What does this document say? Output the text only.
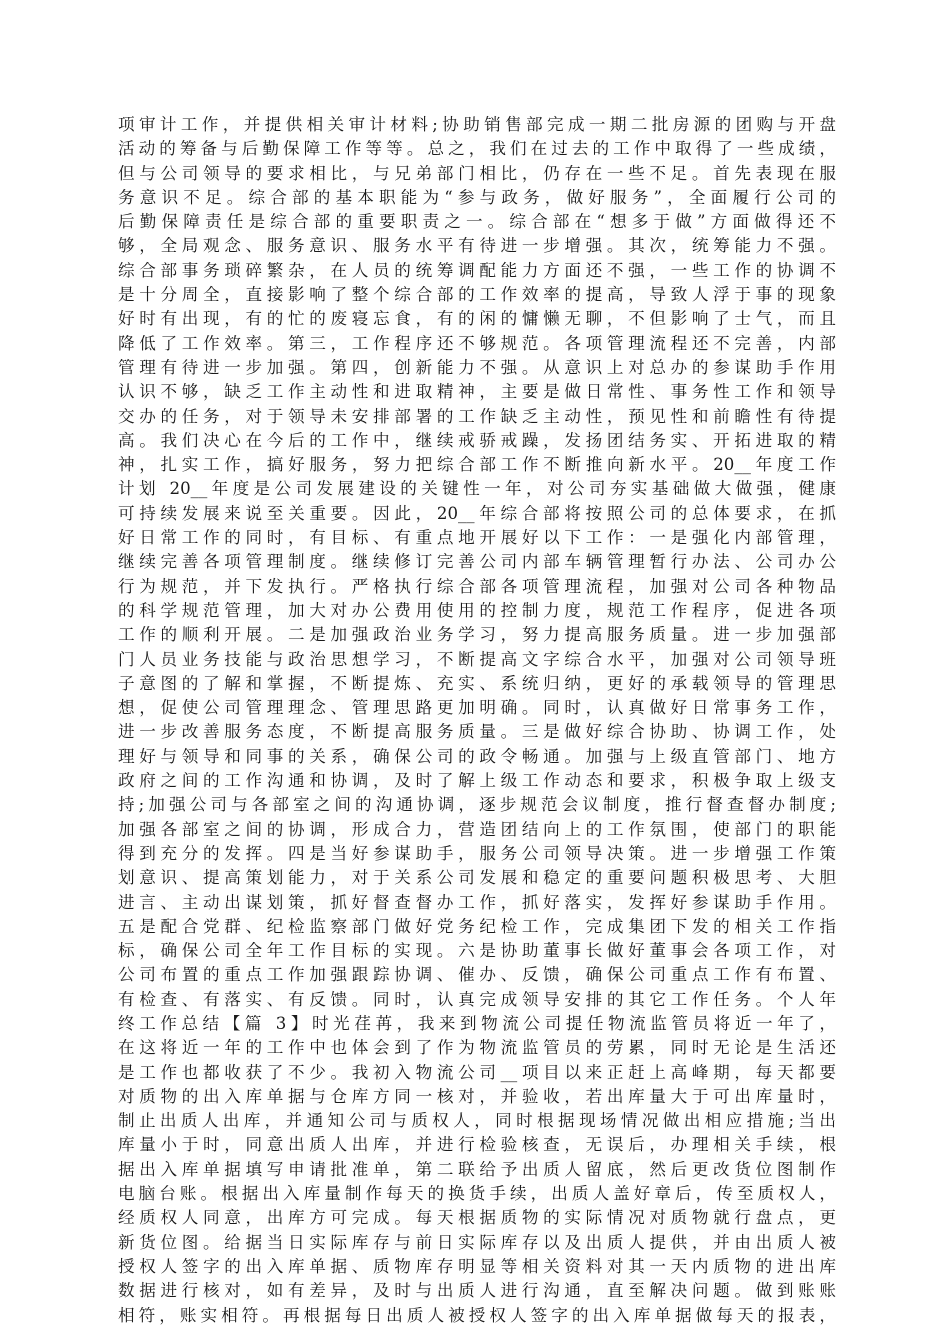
项审计工作，并提供相关审计材料;协助销售部完成一期二批房源的团购与开盘
活动的筹备与后勤保障工作等等。总之，我们在过去的工作中取得了一些成绩，
但与公司领导的要求相比，与兄弟部门相比，仍存在一些不足。首先表现在服
务意识不足。综合部的基本职能为“参与政务，做好服务”，全面履行公司的
后勤保障责任是综合部的重要职责之一。综合部在“想多于做”方面做得还不
够，全局观念、服务意识、服务水平有待进一步增强。其次，统筹能力不强。
综合部事务琐碎繁杂，在人员的统筹调配能力方面还不强，一些工作的协调不
是十分周全，直接影响了整个综合部的工作效率的提高，导致人浮于事的现象
好时有出现，有的忙的废寝忘食，有的闲的慵懒无聊，不但影响了士气，而且
降低了工作效率。第三，工作程序还不够规范。各项管理流程还不完善，内部
管理有待进一步加强。第四，创新能力不强。从意识上对总办的参谋助手作用
认识不够，缺乏工作主动性和进取精神，主要是做日常性、事务性工作和领导
交办的任务，对于领导未安排部署的工作缺乏主动性，预见性和前瞻性有待提
高。我们决心在今后的工作中，继续戒骄戒躁，发扬团结务实、开拓进取的精
神，扎实工作，搞好服务，努力把综合部工作不断推向新水平。20__年度工作
计划 20__年度是公司发展建设的关键性一年，对公司夯实基础做大做强，健康
可持续发展来说至关重要。因此，20__年综合部将按照公司的总体要求，在抓
好日常工作的同时，有目标、有重点地开展好以下工作：一是强化内部管理，
继续完善各项管理制度。继续修订完善公司内部车辆管理暂行办法、公司办公
行为规范，并下发执行。严格执行综合部各项管理流程，加强对公司各种物品
的科学规范管理，加大对办公费用使用的控制力度，规范工作程序，促进各项
工作的顺利开展。二是加强政治业务学习，努力提高服务质量。进一步加强部
门人员业务技能与政治思想学习，不断提高文字综合水平，加强对公司领导班
子意图的了解和掌握，不断提炼、充实、系统归纳，更好的承载领导的管理思
想，促使公司管理理念、管理思路更加明确。同时，认真做好日常事务工作，
进一步改善服务态度，不断提高服务质量。三是做好综合协助、协调工作，处
理好与领导和同事的关系，确保公司的政令畅通。加强与上级直管部门、地方
政府之间的工作沟通和协调，及时了解上级工作动态和要求，积极争取上级支
持;加强公司与各部室之间的沟通协调，逐步规范会议制度，推行督查督办制度;
加强各部室之间的协调，形成合力，营造团结向上的工作氛围，使部门的职能
得到充分的发挥。四是当好参谋助手，服务公司领导决策。进一步增强工作策
划意识、提高策划能力，对于关系公司发展和稳定的重要问题积极思考、大胆
进言、主动出谋划策，抓好督查督办工作，抓好落实，发挥好参谋助手作用。
五是配合党群、纪检监察部门做好党务纪检工作，完成集团下发的相关工作指
标，确保公司全年工作目标的实现。六是协助董事长做好董事会各项工作，对
公司布置的重点工作加强跟踪协调、催办、反馈，确保公司重点工作有布置、
有检查、有落实、有反馈。同时，认真完成领导安排的其它工作任务。个人年
终工作总结【篇 3】时光荏苒，我来到物流公司提任物流监管员将近一年了，
在这将近一年的工作中也体会到了作为物流监管员的劳累，同时无论是生活还
是工作也都收获了不少。我初入物流公司__项目以来正赶上高峰期，每天都要
对质物的出入库单据与仓库方同一核对，并验收，若出库量大于可出库量时，
制止出质人出库，并通知公司与质权人，同时根据现场情况做出相应措施;当出
库量小于时，同意出质人出库，并进行检验核查，无误后，办理相关手续，根
据出入库单据填写申请批准单，第二联给予出质人留底，然后更改货位图制作
电脑台账。根据出入库量制作每天的换货手续，出质人盖好章后，传至质权人，
经质权人同意，出库方可完成。每天根据质物的实际情况对质物就行盘点，更
新货位图。给据当日实际库存与前日实际库存以及出质人提供，并由出质人被
授权人签字的出入库单据、质物库存明显等相关资料对其一天内质物的进出库
数据进行核对，如有差异，及时与出质人进行沟通，直至解决问题。做到账账
相符，账实相符。再根据每日出质人被授权人签字的出入库单据做每天的报表，
